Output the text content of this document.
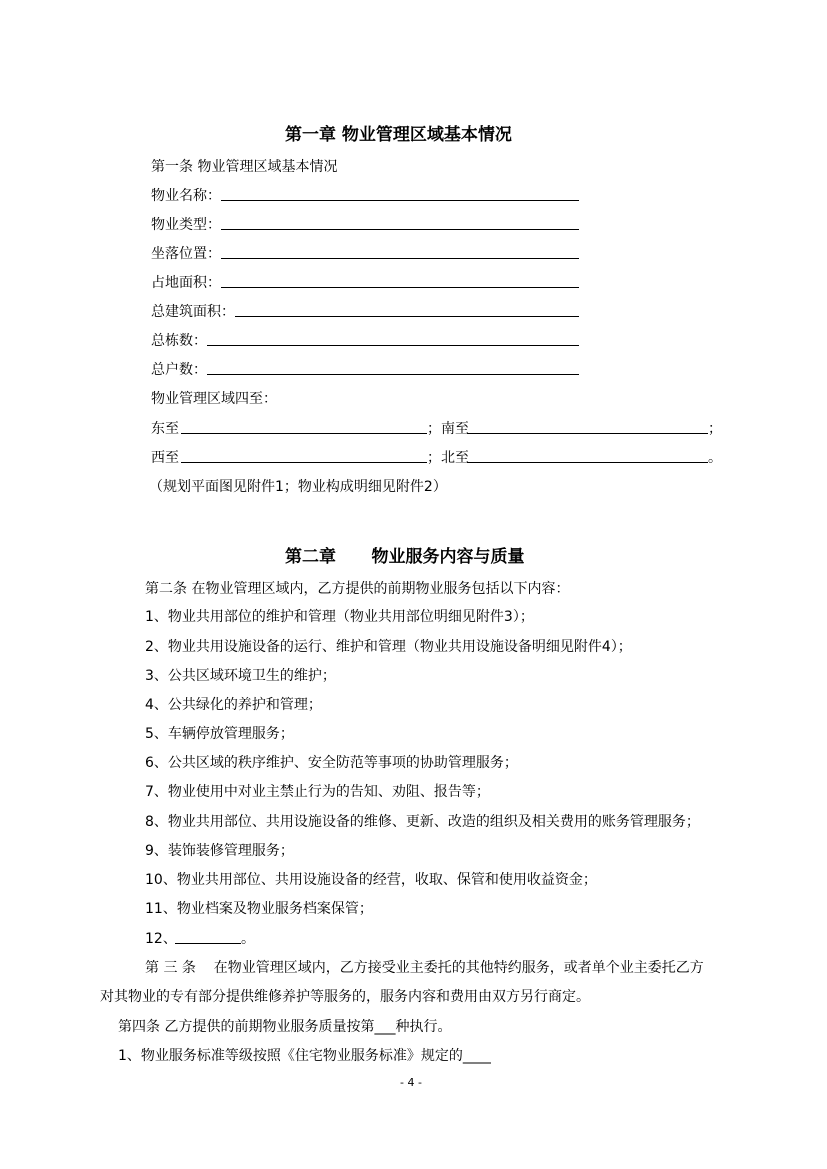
第一章 物业管理区域基本情况
第一条 物业管理区域基本情况
物业名称：
物业类型：
坐落位置：
占地面积：
总建筑面积：
总栋数：
总户数：
物业管理区域四至：
东至	；南至	；
西至	；北至	。
（规划平面图见附件1；物业构成明细见附件2）
第二章      物业服务内容与质量
第二条 在物业管理区域内，乙方提供的前期物业服务包括以下内容：
1、物业共用部位的维护和管理（物业共用部位明细见附件3）；
2、物业共用设施设备的运行、维护和管理（物业共用设施设备明细见附件4）；
3、公共区域环境卫生的维护；
4、公共绿化的养护和管理；
5、车辆停放管理服务；
6、公共区域的秩序维护、安全防范等事项的协助管理服务；
7、物业使用中对业主禁止行为的告知、劝阻、报告等；
8、物业共用部位、共用设施设备的维修、更新、改造的组织及相关费用的账务管理服务；
9、装饰装修管理服务；
10、物业共用部位、共用设施设备的经营，收取、保管和使用收益资金；
11、物业档案及物业服务档案保管；
12、	。
第 三 条    在物业管理区域内，乙方接受业主委托的其他特约服务，或者单个业主委托乙方
对其物业的专有部分提供维修养护等服务的，服务内容和费用由双方另行商定。
第四条 乙方提供的前期物业服务质量按第___种执行。
1、物业服务标准等级按照《住宅物业服务标准》规定的____
- 4 -
